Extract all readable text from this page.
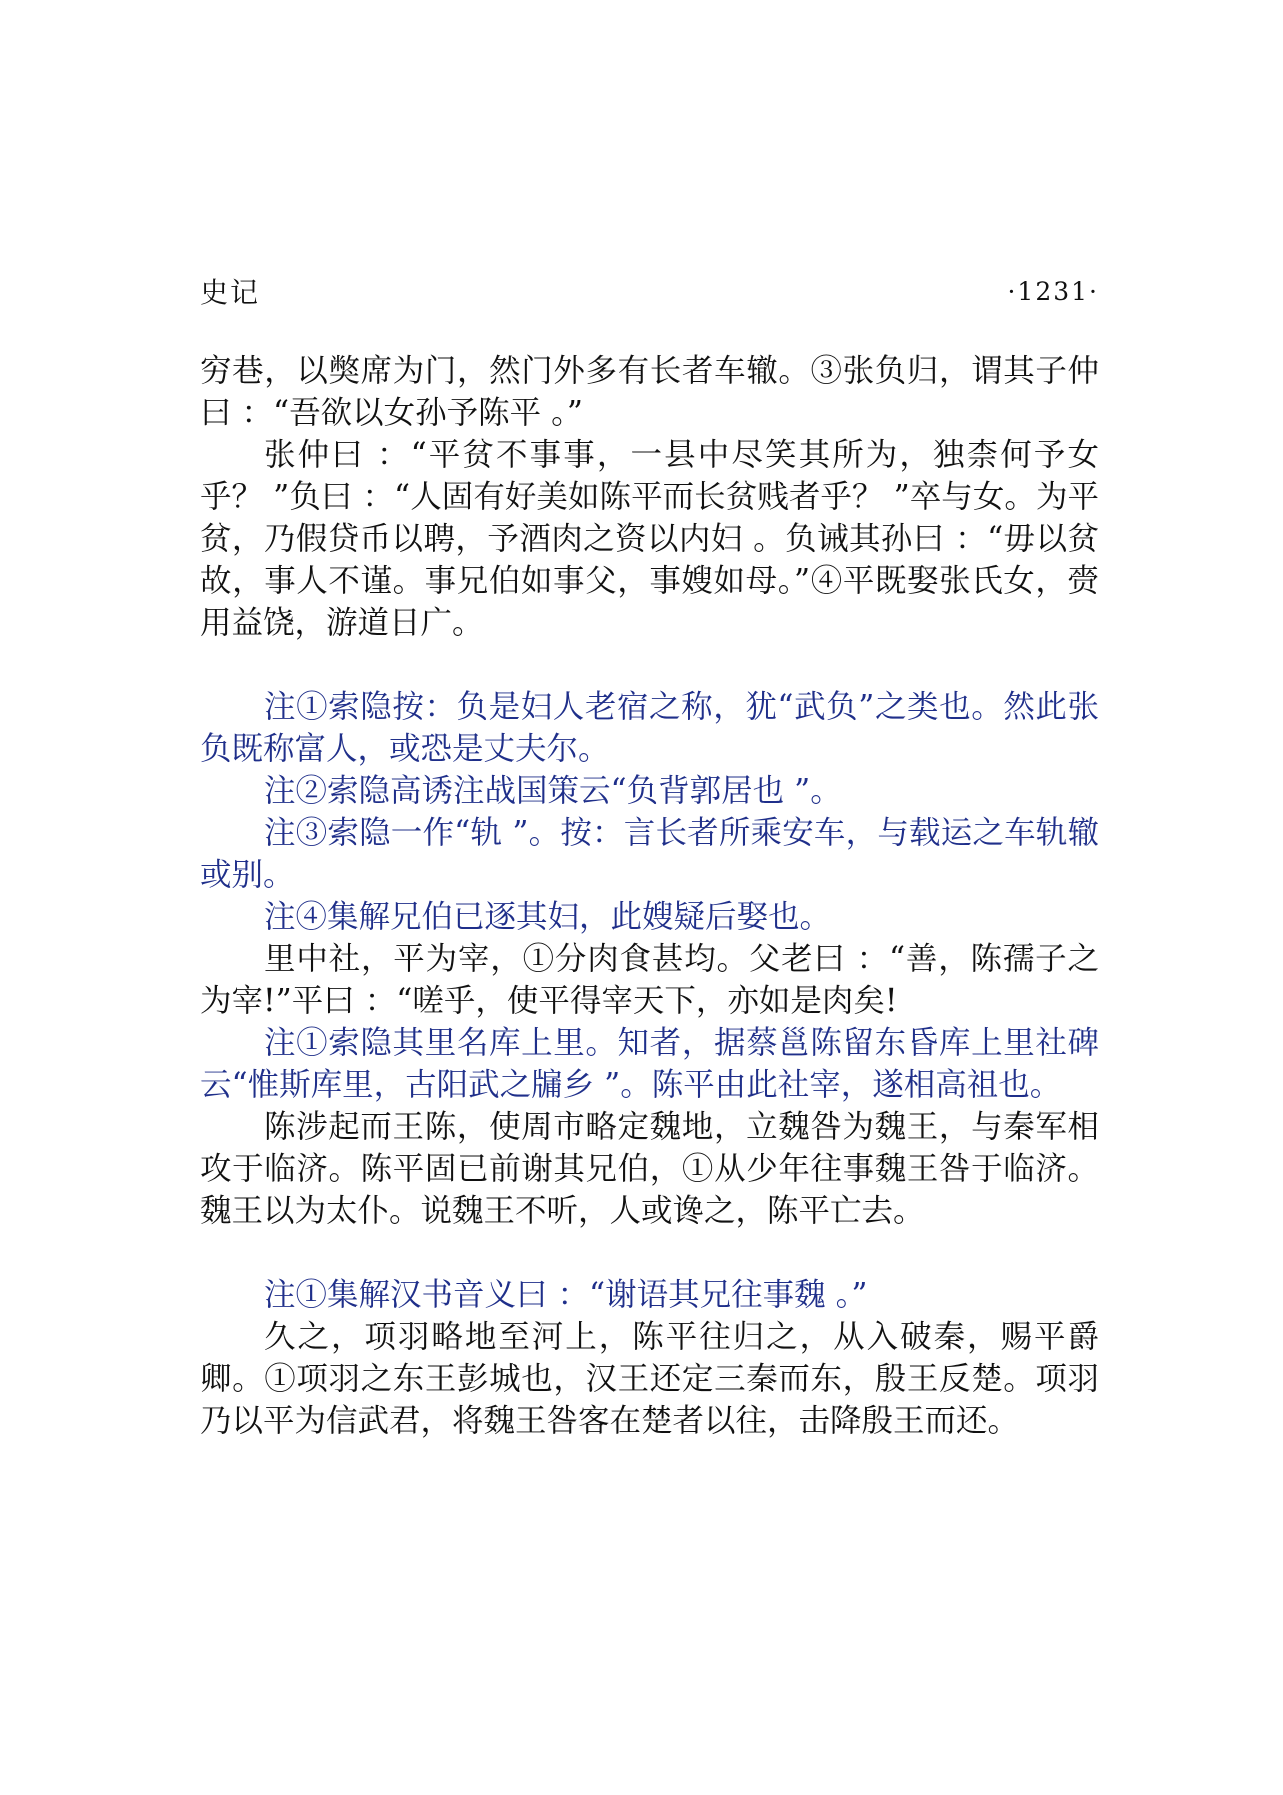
史记	·1231·

穷巷，以獘席为门，然门外多有长者车辙。③张负归，谓其子仲曰 ：“吾欲以女孙予陈平 。”

张仲曰 ：“平贫不事事，一县中尽笑其所为，独柰何予女乎？ ”负曰 ：“人固有好美如陈平而长贫贱者乎？ ”卒与女。为平贫，乃假贷币以聘，予酒肉之资以内妇 。负诫其孙曰 ：“毋以贫故，事人不谨。事兄伯如事父，事嫂如母。”④平既娶张氏女，赍用益饶，游道日广。

注①索隐按：负是妇人老宿之称，犹“武负”之类也。然此张负既称富人，或恐是丈夫尔。

注②索隐高诱注战国策云“负背郭居也 ”。

注③索隐一作“轨 ”。按：言长者所乘安车，与载运之车轨辙或别。

注④集解兄伯已逐其妇，此嫂疑后娶也。

里中社，平为宰，①分肉食甚均。父老曰 ：“善，陈孺子之为宰!”平曰 ：“嗟乎，使平得宰天下，亦如是肉矣!

注①索隐其里名库上里。知者，据蔡邕陈留东昏库上里社碑云“惟斯库里，古阳武之牖乡 ”。陈平由此社宰，遂相高祖也。

陈涉起而王陈，使周市略定魏地，立魏咎为魏王，与秦军相攻于临济。陈平固已前谢其兄伯，①从少年往事魏王咎于临济。魏王以为太仆。说魏王不听，人或谗之，陈平亡去。

注①集解汉书音义曰 ：“谢语其兄往事魏 。”

久之，项羽略地至河上，陈平往归之，从入破秦，赐平爵卿。①项羽之东王彭城也，汉王还定三秦而东，殷王反楚。项羽乃以平为信武君，将魏王咎客在楚者以往，击降殷王而还。
